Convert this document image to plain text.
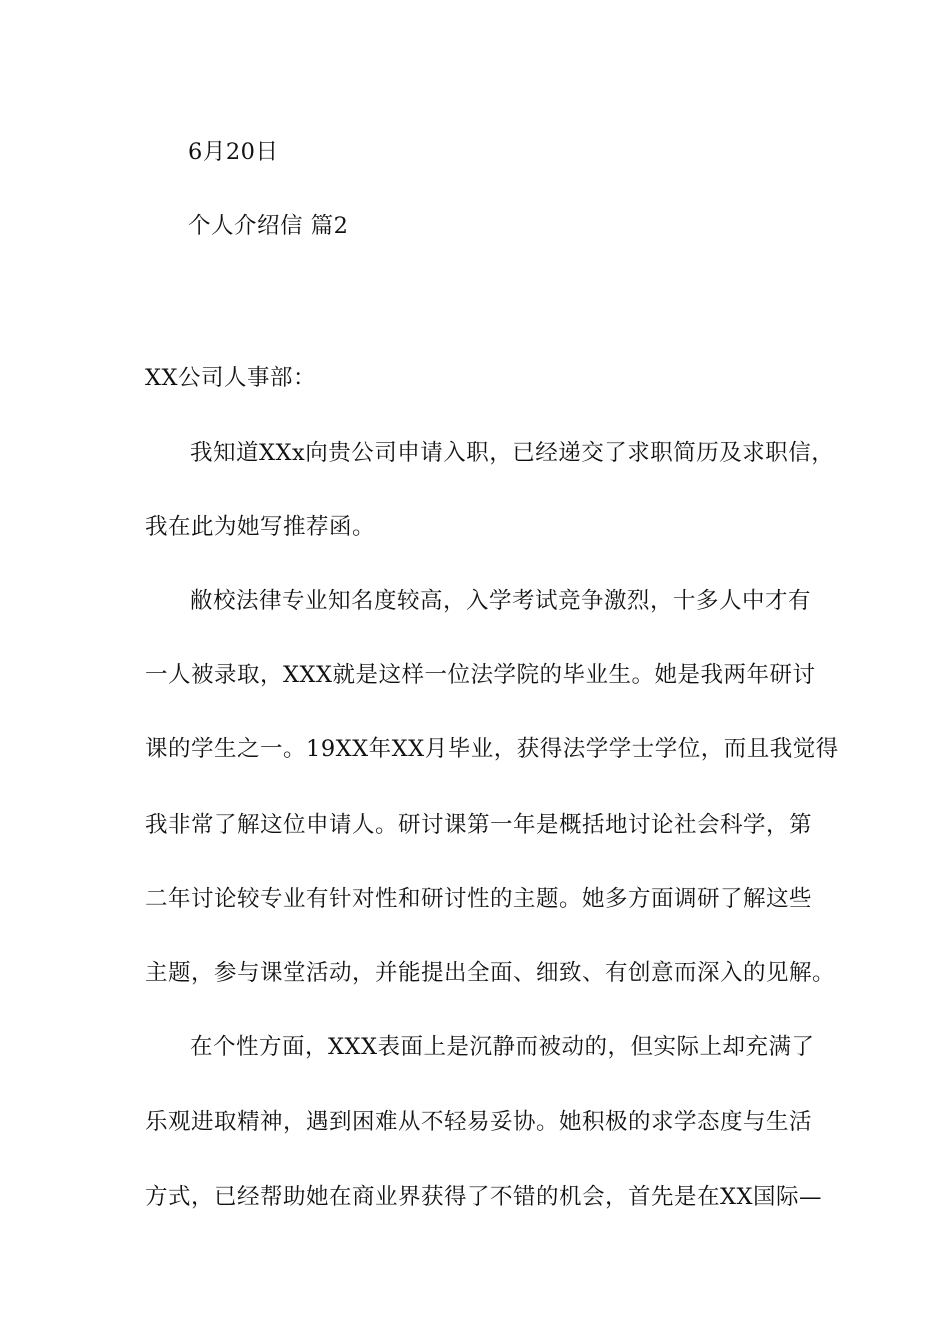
6月20日
个人介绍信 篇2
XX公司人事部：
我知道XXx向贵公司申请入职，已经递交了求职简历及求职信，
我在此为她写推荐函。
敝校法律专业知名度较高，入学考试竞争激烈，十多人中才有
一人被录取，XXX就是这样一位法学院的毕业生。她是我两年研讨
课的学生之一。19XX年XX月毕业，获得法学学士学位，而且我觉得
我非常了解这位申请人。研讨课第一年是概括地讨论社会科学，第
二年讨论较专业有针对性和研讨性的主题。她多方面调研了解这些
主题，参与课堂活动，并能提出全面、细致、有创意而深入的见解。
在个性方面，XXX表面上是沉静而被动的，但实际上却充满了
乐观进取精神，遇到困难从不轻易妥协。她积极的求学态度与生活
方式，已经帮助她在商业界获得了不错的机会，首先是在XX国际—
